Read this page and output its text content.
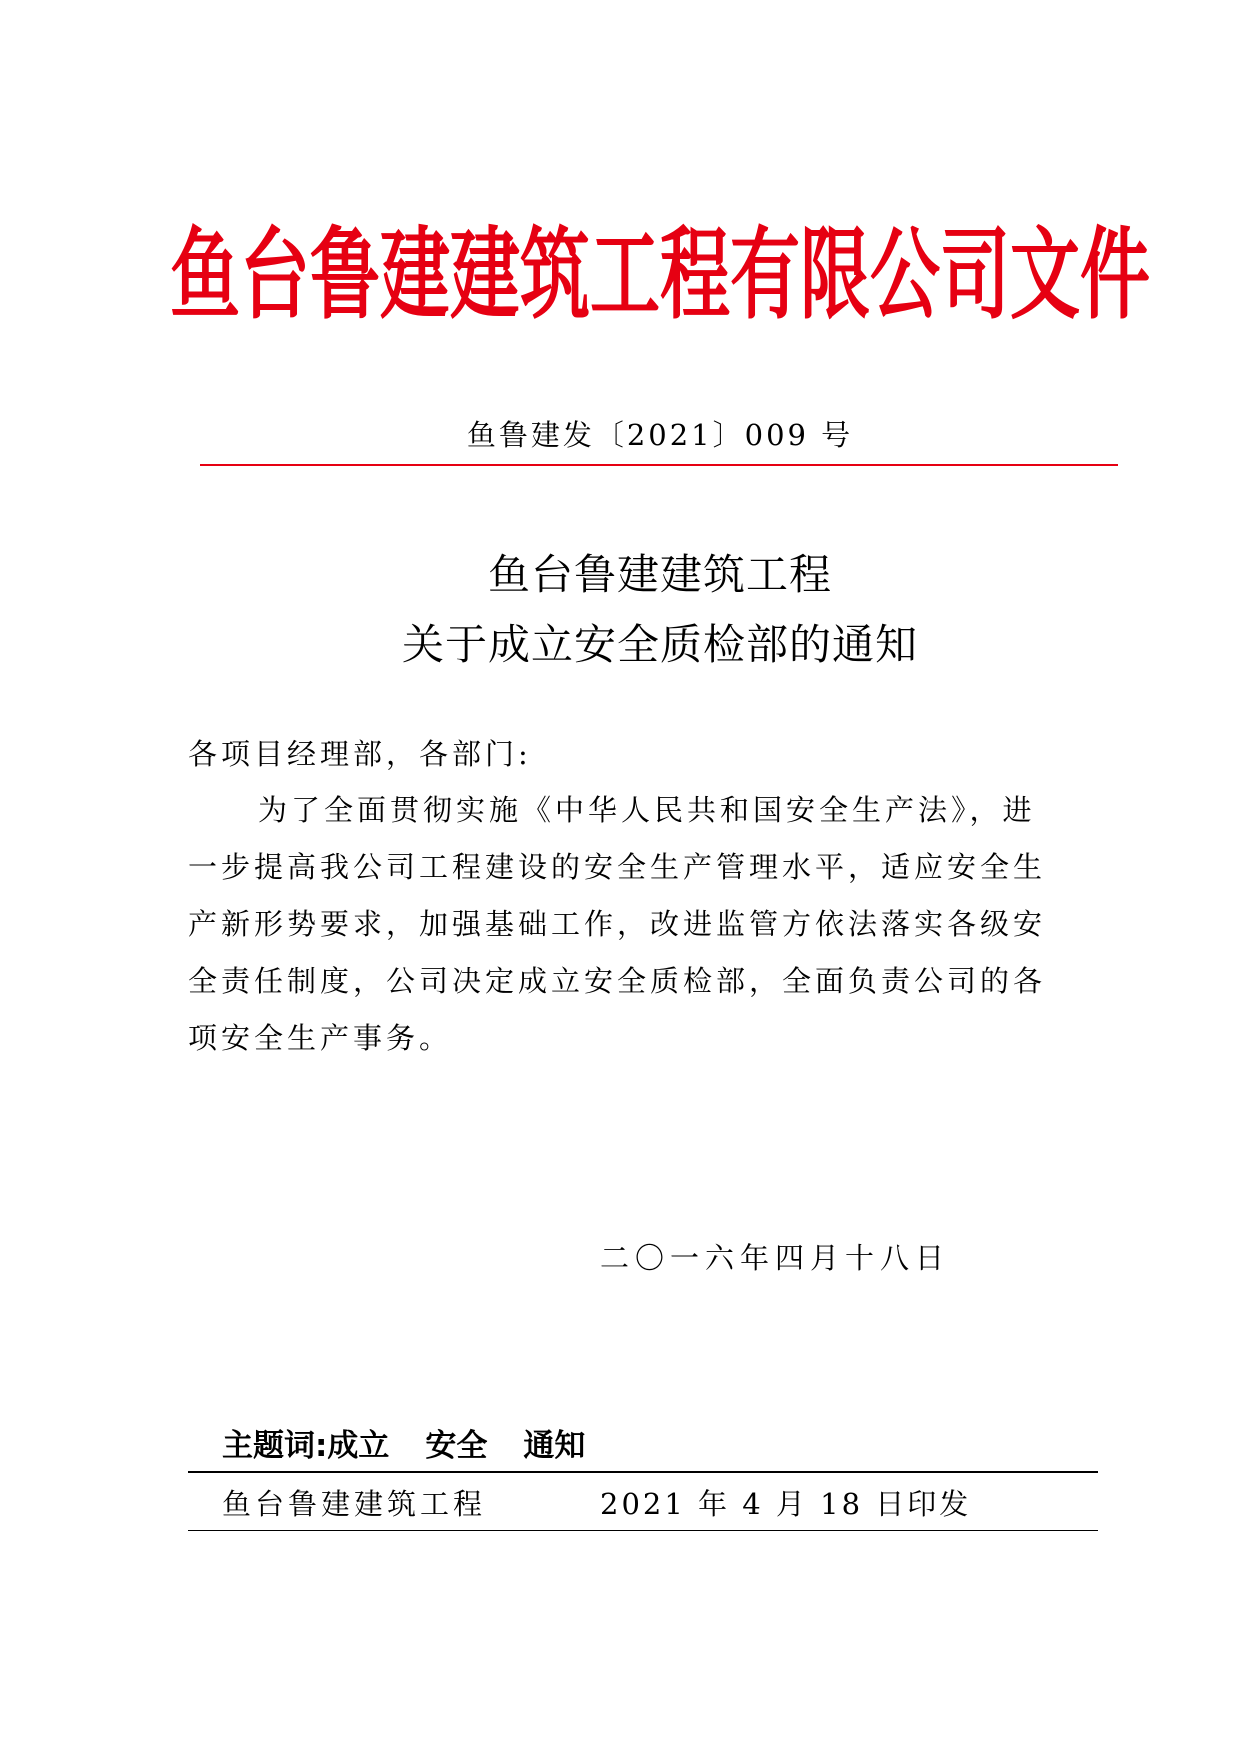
鱼台鲁建建筑工程有限公司文件
鱼鲁建发〔2021〕009 号
鱼台鲁建建筑工程
关于成立安全质检部的通知
各项目经理部，各部门:
为了全面贯彻实施《中华人民共和国安全生产法》，进
一步提高我公司工程建设的安全生产管理水平，适应安全生
产新形势要求，加强基础工作，改进监管方依法落实各级安
全责任制度，公司决定成立安全质检部，全面负责公司的各
项安全生产事务。
二〇一六年四月十八日
主题词: 成立 安全 通知
鱼台鲁建建筑工程	2021 年 4 月 18 日印发
